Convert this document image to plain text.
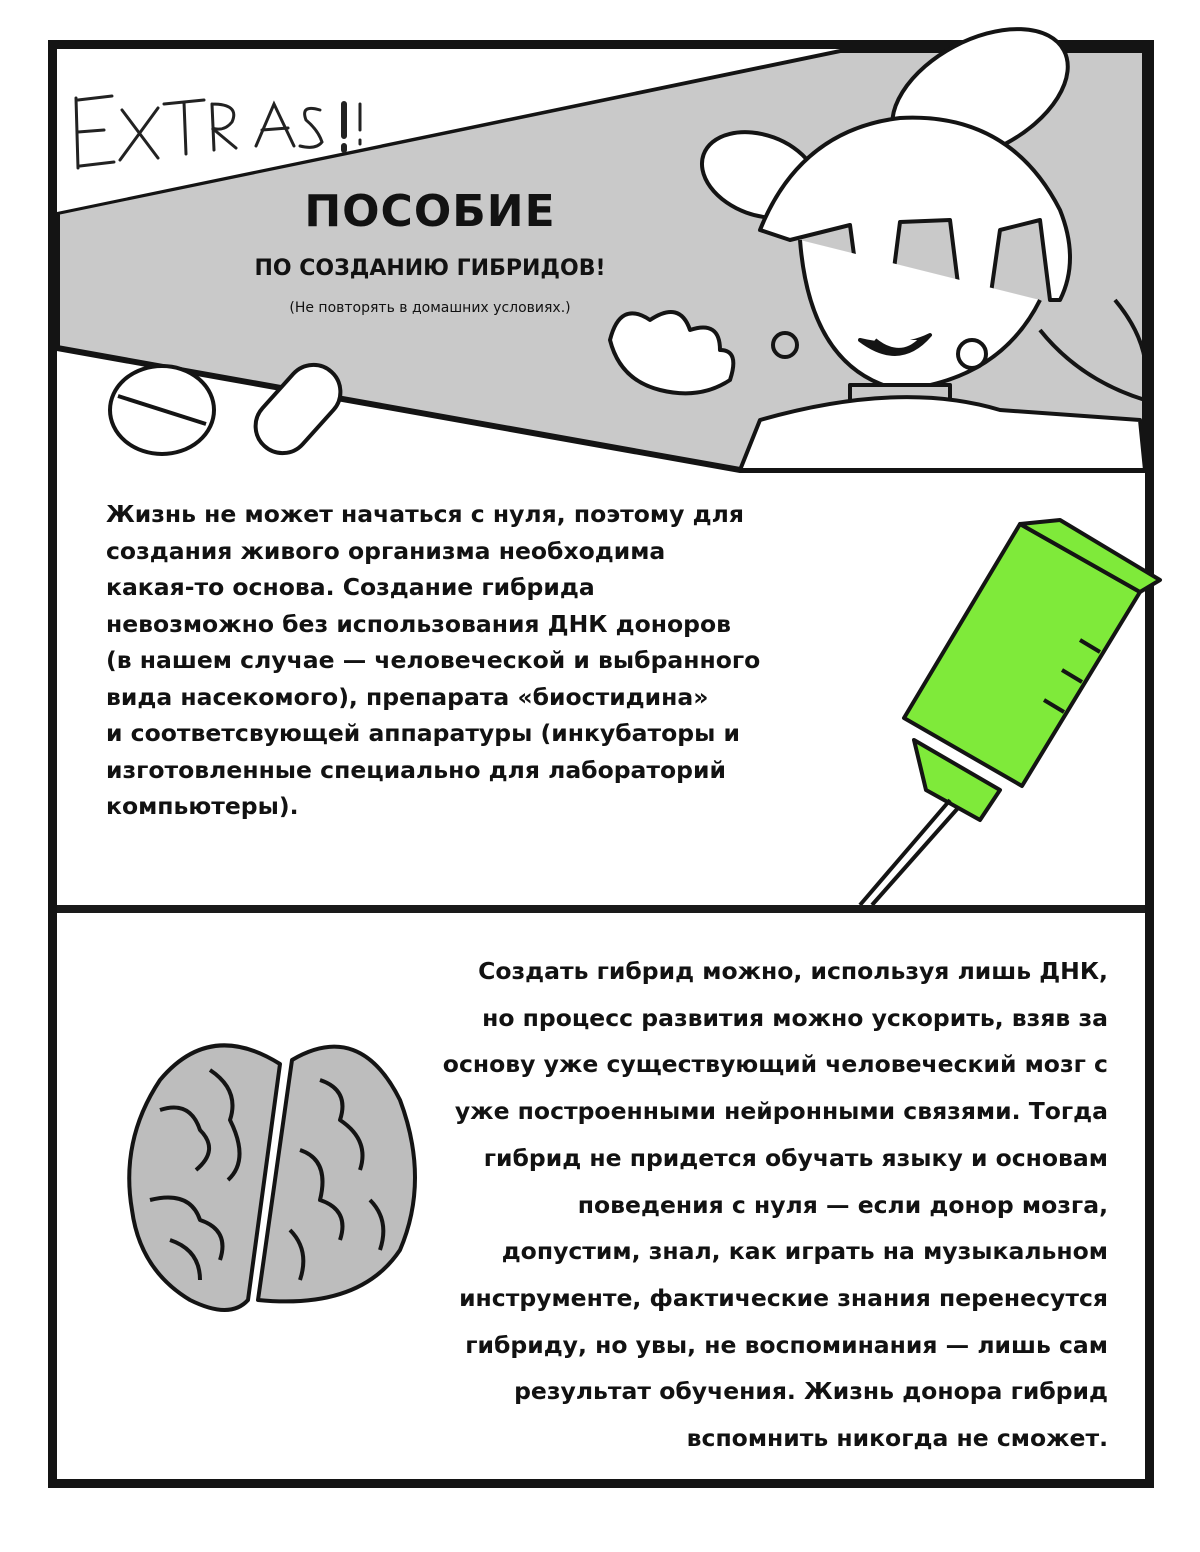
EXTRAS!!!
ПОСОБИЕ
ПО СОЗДАНИЮ ГИБРИДОВ!

(Не повторять в домашних условиях.)

Жизнь не может начаться с нуля, поэтому для
создания живого организма необходима
какая-то основа. Создание гибрида
невозможно без использования ДНК доноров
(в нашем случае — человеческой и выбранного
вида насекомого), препарата «биостидина»
и соответсвующей аппаратуры (инкубаторы и
изготовленные специально для лабораторий
компьютеры).

Создать гибрид можно, используя лишь ДНК,
но процесс развития можно ускорить, взяв за
основу уже существующий человеческий мозг с
уже построенными нейронными связями. Тогда
гибрид не придется обучать языку и основам
поведения с нуля — если донор мозга,
допустим, знал, как играть на музыкальном
инструменте, фактические знания перенесутся
гибриду, но увы, не воспоминания — лишь сам
результат обучения. Жизнь донора гибрид
вспомнить никогда не сможет.
